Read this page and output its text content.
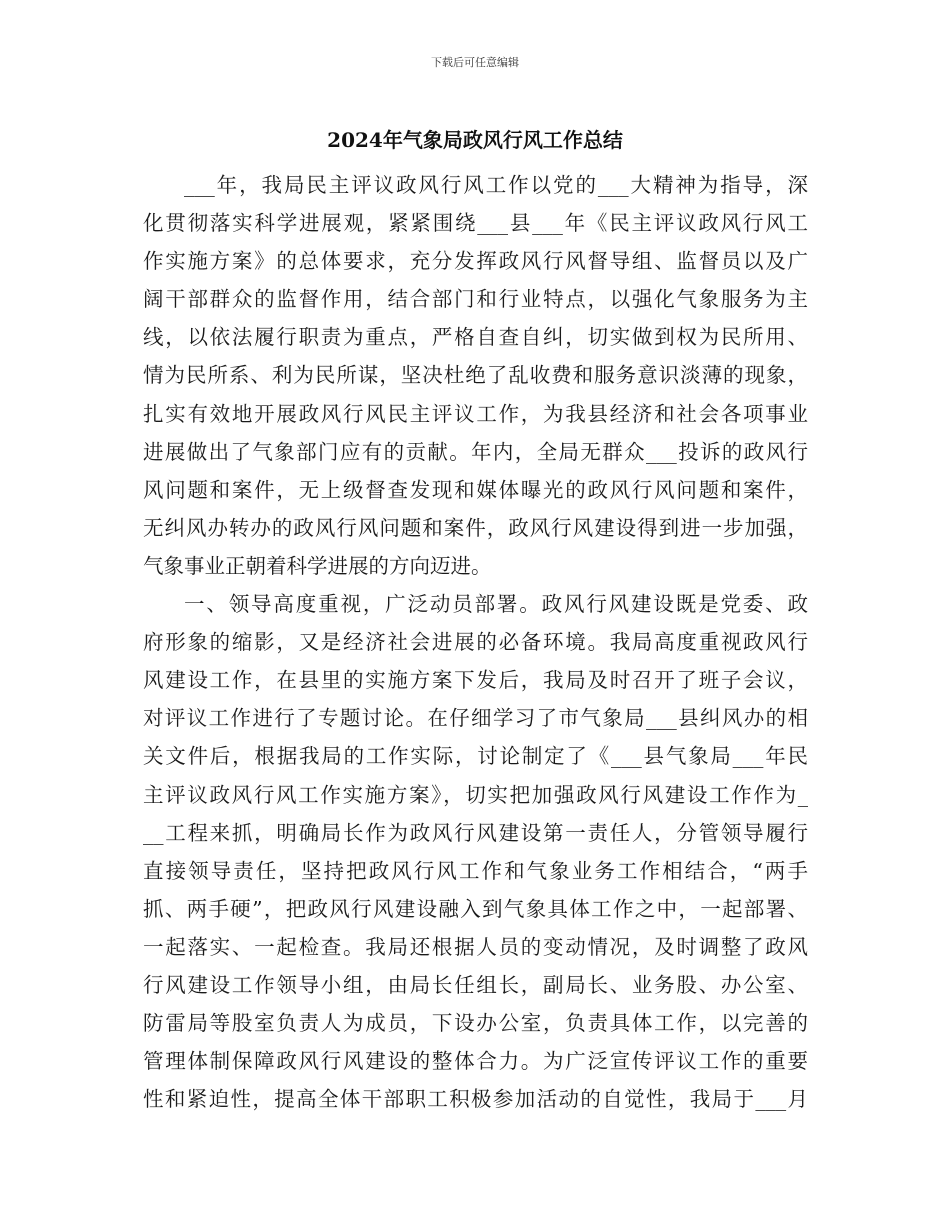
下载后可任意编辑
2024年气象局政风行风工作总结
___年，我局民主评议政风行风工作以党的___大精神为指导，深
化贯彻落实科学进展观，紧紧围绕___县___年《民主评议政风行风工
作实施方案》的总体要求，充分发挥政风行风督导组、监督员以及广
阔干部群众的监督作用，结合部门和行业特点，以强化气象服务为主
线，以依法履行职责为重点，严格自查自纠，切实做到权为民所用、
情为民所系、利为民所谋，坚决杜绝了乱收费和服务意识淡薄的现象，
扎实有效地开展政风行风民主评议工作，为我县经济和社会各项事业
进展做出了气象部门应有的贡献。年内，全局无群众___投诉的政风行
风问题和案件，无上级督查发现和媒体曝光的政风行风问题和案件，
无纠风办转办的政风行风问题和案件，政风行风建设得到进一步加强，
气象事业正朝着科学进展的方向迈进。
一、领导高度重视，广泛动员部署。政风行风建设既是党委、政
府形象的缩影，又是经济社会进展的必备环境。我局高度重视政风行
风建设工作，在县里的实施方案下发后，我局及时召开了班子会议，
对评议工作进行了专题讨论。在仔细学习了市气象局___县纠风办的相
关文件后，根据我局的工作实际，讨论制定了《___县气象局___年民
主评议政风行风工作实施方案》，切实把加强政风行风建设工作作为_
__工程来抓，明确局长作为政风行风建设第一责任人，分管领导履行
直接领导责任，坚持把政风行风工作和气象业务工作相结合，“两手
抓、两手硬”，把政风行风建设融入到气象具体工作之中，一起部署、
一起落实、一起检查。我局还根据人员的变动情况，及时调整了政风
行风建设工作领导小组，由局长任组长，副局长、业务股、办公室、
防雷局等股室负责人为成员，下设办公室，负责具体工作，以完善的
管理体制保障政风行风建设的整体合力。为广泛宣传评议工作的重要
性和紧迫性，提高全体干部职工积极参加活动的自觉性，我局于___月
